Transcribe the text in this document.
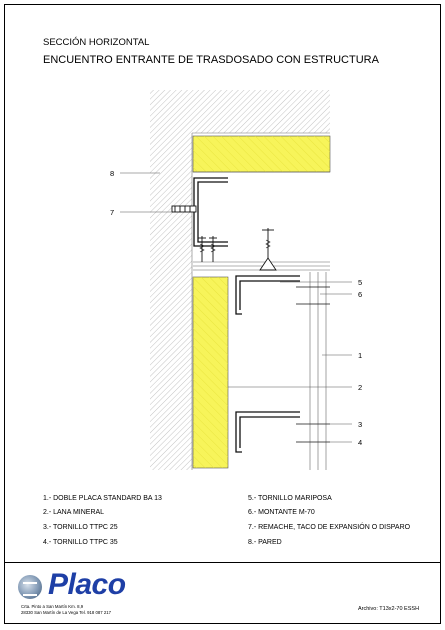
SECCIÓN HORIZONTAL
ENCUENTRO ENTRANTE DE TRASDOSADO CON ESTRUCTURA
8
7
5
6
1
2
3
4
1.- DOBLE PLACA STANDARD BA 13
2.- LANA MINERAL
3.- TORNILLO TTPC 25
4.- TORNILLO TTPC 35
5.- TORNILLO MARIPOSA
6.- MONTANTE M-70
7.- REMACHE, TACO DE EXPANSIÓN O DISPARO
8.- PARED
Placo
Crta. Pinto a San Martín Km. 8,9
28330 San Martín de La Vega Tel. 918 087 217
Archivo: T13x2-70 ESSH
